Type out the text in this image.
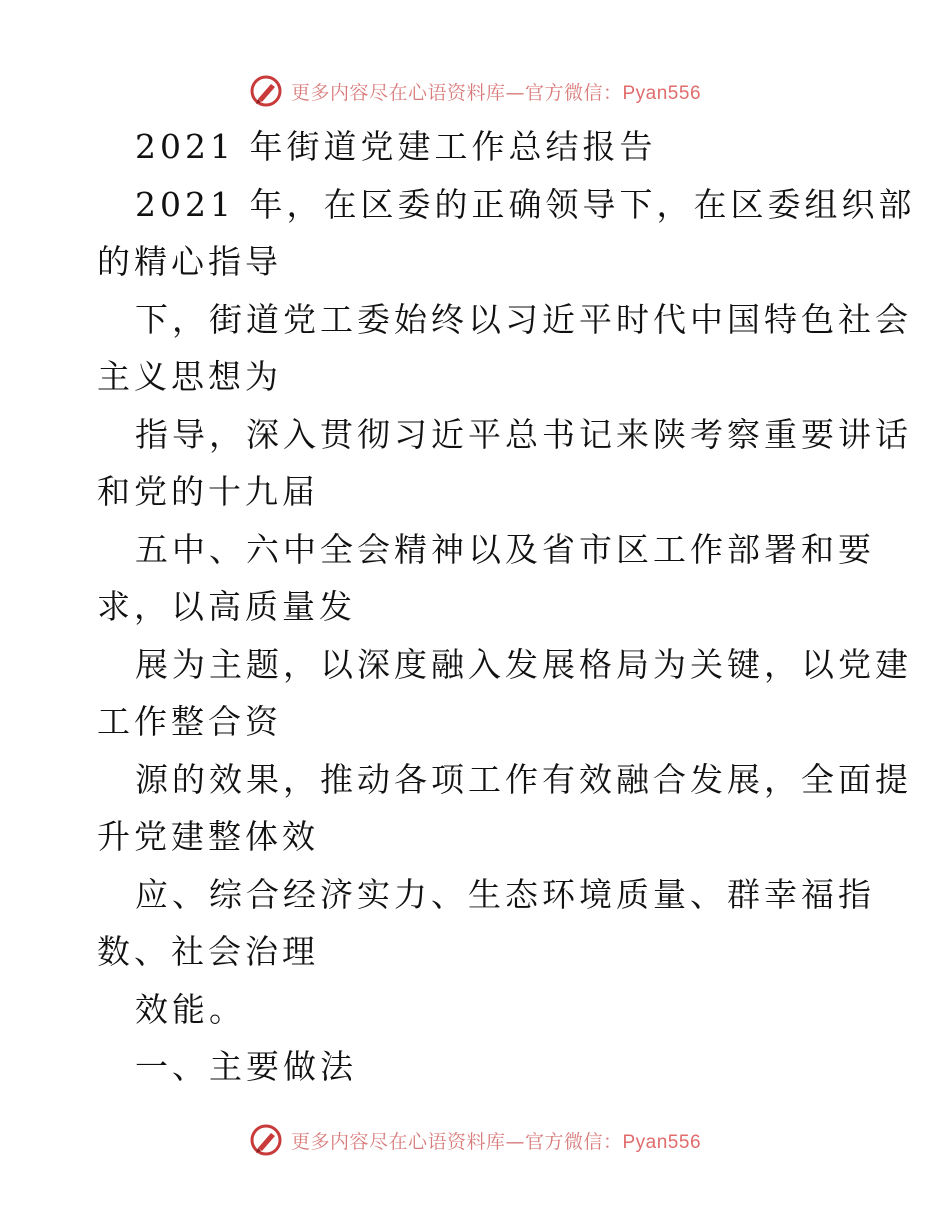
更多内容尽在心语资料库—官方微信：Pyan556
2021 年街道党建工作总结报告
2021 年，在区委的正确领导下，在区委组织部
的精心指导
下，街道党工委始终以习近平时代中国特色社会
主义思想为
指导，深入贯彻习近平总书记来陕考察重要讲话
和党的十九届
五中、六中全会精神以及省市区工作部署和要
求，以高质量发
展为主题，以深度融入发展格局为关键，以党建
工作整合资
源的效果，推动各项工作有效融合发展，全面提
升党建整体效
应、综合经济实力、生态环境质量、群幸福指
数、社会治理
效能。
一、主要做法
更多内容尽在心语资料库—官方微信：Pyan556
